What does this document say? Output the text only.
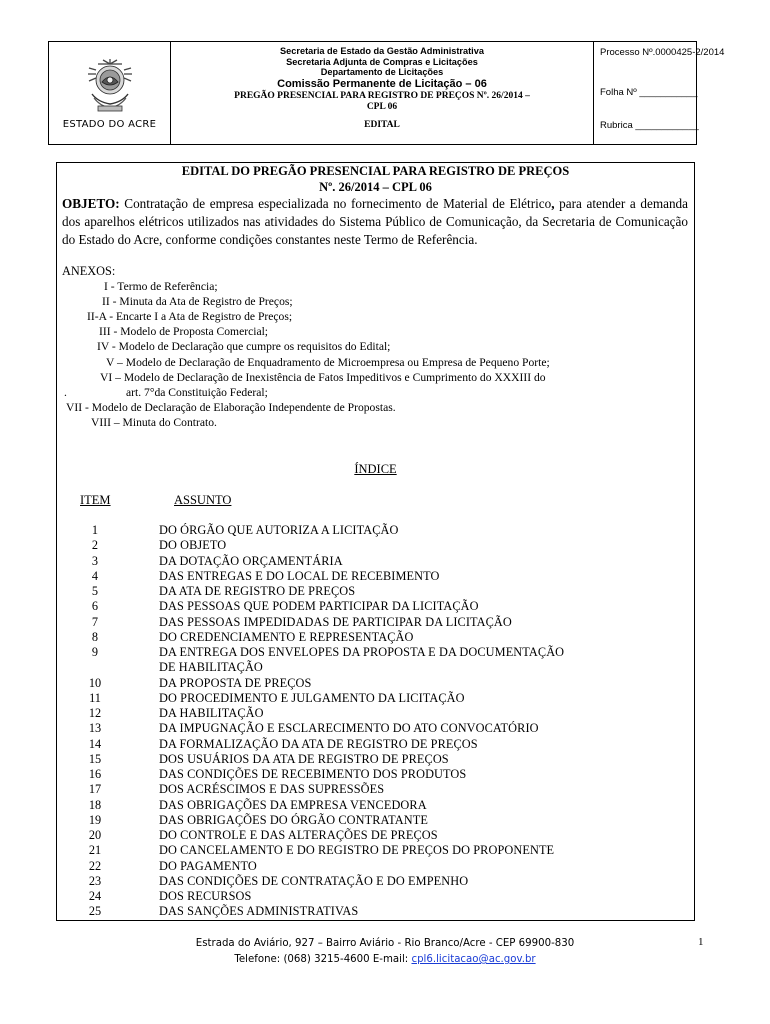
ESTADO DO ACRE
Secretaria de Estado da Gestão Administrativa
Secretaria Adjunta de Compras e Licitações
Departamento de Licitações
Comissão Permanente de Licitação – 06
PREGÃO PRESENCIAL PARA REGISTRO DE PREÇOS Nº. 26/2014 –
CPL 06
EDITAL
Processo Nº.0000425-2/2014
Folha Nº ___________
Rubrica ____________
EDITAL DO PREGÃO PRESENCIAL PARA REGISTRO DE PREÇOS
Nº. 26/2014 – CPL 06

OBJETO: Contratação de empresa especializada no fornecimento de Material de Elétrico, para atender a demanda dos aparelhos elétricos utilizados nas atividades do Sistema Público de Comunicação, da Secretaria de Comunicação do Estado do Acre, conforme condições constantes neste Termo de Referência.

ANEXOS:
I - Termo de Referência;
II - Minuta da Ata de Registro de Preços;
II-A - Encarte I a Ata de Registro de Preços;
III - Modelo de Proposta Comercial;
IV - Modelo de Declaração que cumpre os requisitos do Edital;
V – Modelo de Declaração de Enquadramento de Microempresa ou Empresa de Pequeno Porte;
VI – Modelo de Declaração de Inexistência de Fatos Impeditivos e Cumprimento do XXXIII do
.	art. 7°da Constituição Federal;
VII - Modelo de Declaração de Elaboração Independente de Propostas.
VIII – Minuta do Contrato.
ÍNDICE
ITEM	ASSUNTO
1	DO ÓRGÃO QUE AUTORIZA A LICITAÇÃO
2	DO OBJETO
3	DA DOTAÇÃO ORÇAMENTÁRIA
4	DAS ENTREGAS E DO LOCAL DE RECEBIMENTO
5	DA ATA DE REGISTRO DE PREÇOS
6	DAS PESSOAS QUE PODEM PARTICIPAR DA LICITAÇÃO
7	DAS PESSOAS IMPEDIDADAS DE PARTICIPAR DA LICITAÇÃO
8	DO CREDENCIAMENTO E REPRESENTAÇÃO
9	DA ENTREGA DOS ENVELOPES DA PROPOSTA E DA DOCUMENTAÇÃO
DE HABILITAÇÃO
10	DA PROPOSTA DE PREÇOS
11	DO PROCEDIMENTO E JULGAMENTO DA LICITAÇÃO
12	DA HABILITAÇÃO
13	DA IMPUGNAÇÃO E ESCLARECIMENTO DO ATO CONVOCATÓRIO
14	DA FORMALIZAÇÃO DA ATA DE REGISTRO DE PREÇOS
15	DOS USUÁRIOS DA ATA DE REGISTRO DE PREÇOS
16	DAS CONDIÇÕES DE RECEBIMENTO DOS PRODUTOS
17	DOS ACRÉSCIMOS E DAS SUPRESSÕES
18	DAS OBRIGAÇÕES DA EMPRESA VENCEDORA
19	DAS OBRIGAÇÕES DO ÓRGÃO CONTRATANTE
20	DO CONTROLE E DAS ALTERAÇÕES DE PREÇOS
21	DO CANCELAMENTO E DO REGISTRO DE PREÇOS DO PROPONENTE
22	DO PAGAMENTO
23	DAS CONDIÇÕES DE CONTRATAÇÃO E DO EMPENHO
24	DOS RECURSOS
25	DAS SANÇÕES ADMINISTRATIVAS
Estrada do Aviário, 927 – Bairro Aviário - Rio Branco/Acre - CEP 69900-830
Telefone: (068) 3215-4600 E-mail: cpl6.licitacao@ac.gov.br
1
